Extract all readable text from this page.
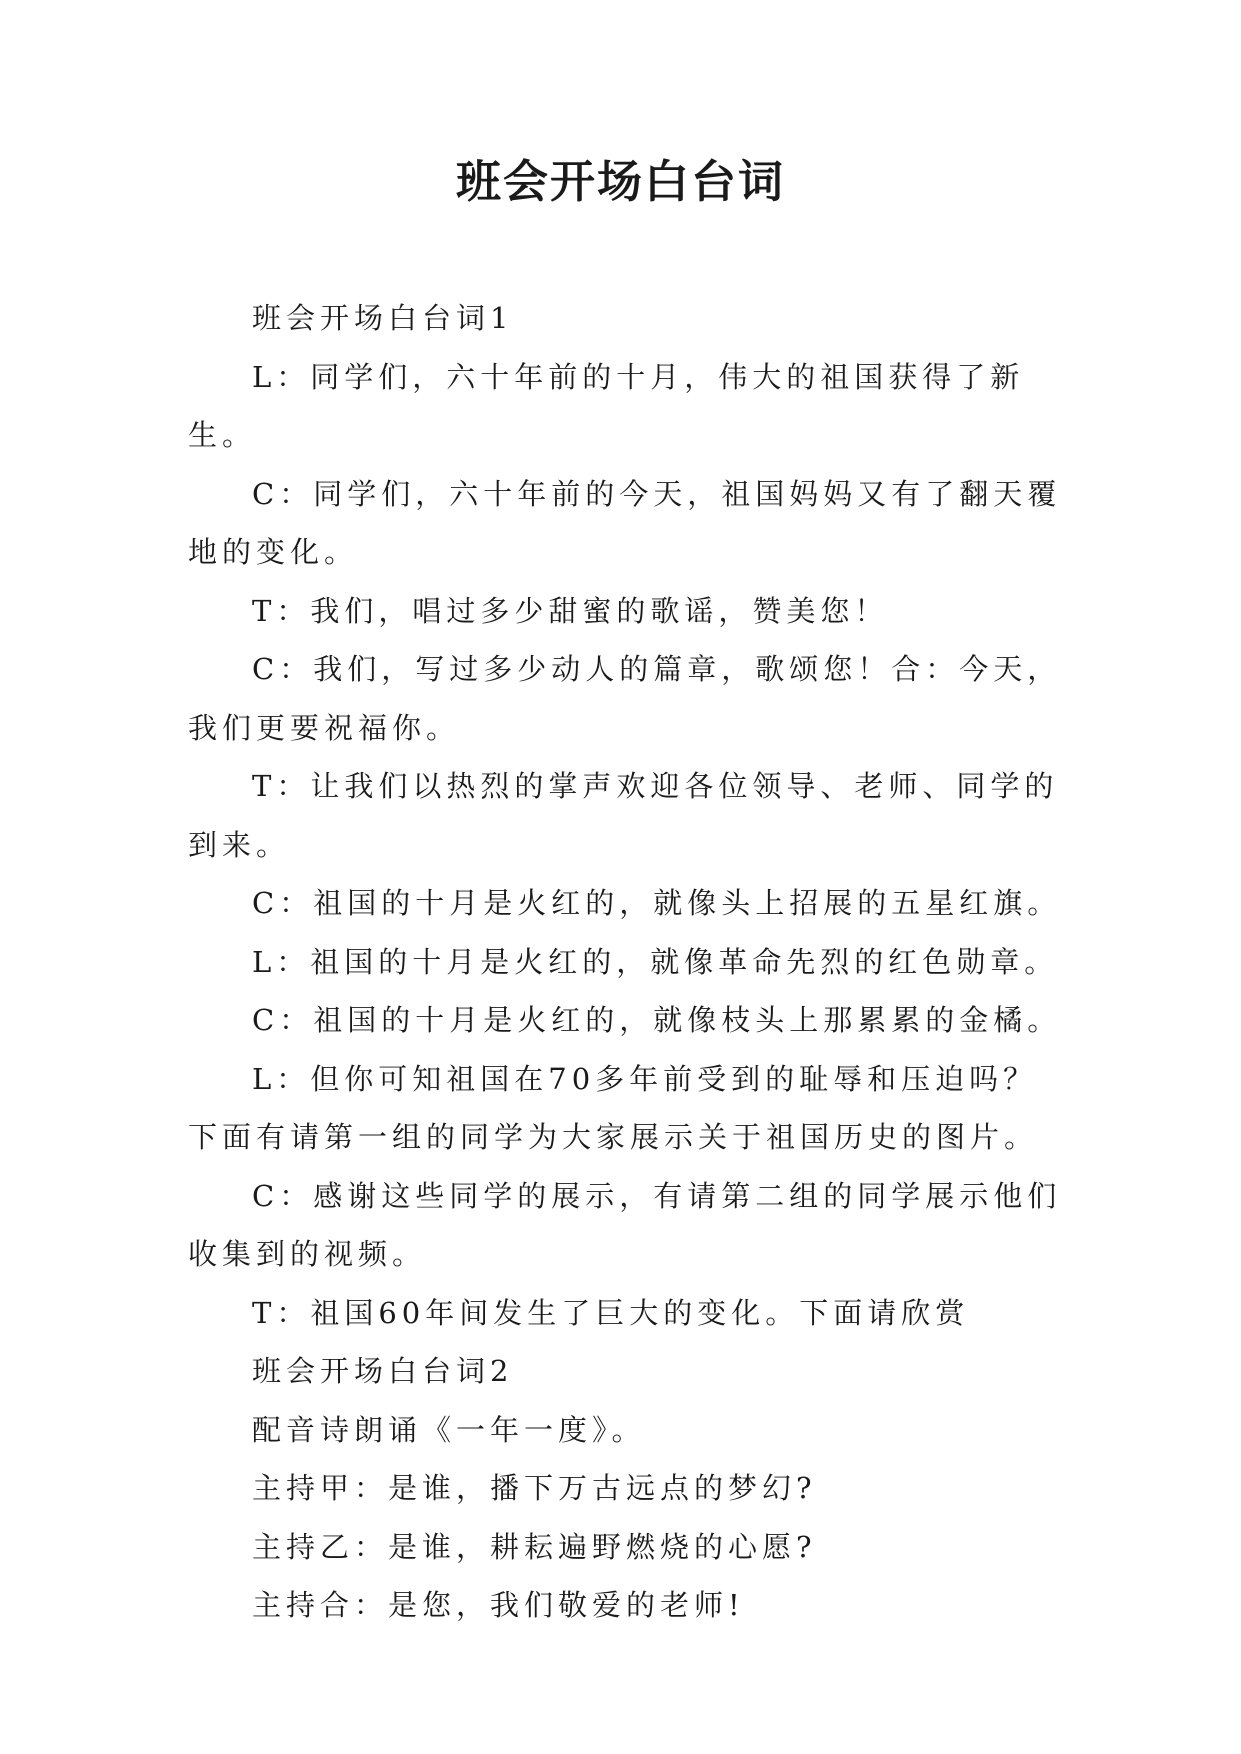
班会开场白台词

班会开场白台词1

L：同学们，六十年前的十月，伟大的祖国获得了新生。

C：同学们，六十年前的今天，祖国妈妈又有了翻天覆地的变化。

T：我们，唱过多少甜蜜的歌谣，赞美您！

C：我们，写过多少动人的篇章，歌颂您！合：今天，我们更要祝福你。

T：让我们以热烈的掌声欢迎各位领导、老师、同学的到来。

C：祖国的十月是火红的，就像头上招展的五星红旗。

L：祖国的十月是火红的，就像革命先烈的红色勋章。

C：祖国的十月是火红的，就像枝头上那累累的金橘。

L：但你可知祖国在70多年前受到的耻辱和压迫吗？下面有请第一组的同学为大家展示关于祖国历史的图片。

C：感谢这些同学的展示，有请第二组的同学展示他们收集到的视频。

T：祖国60年间发生了巨大的变化。下面请欣赏

班会开场白台词2

配音诗朗诵《一年一度》。

主持甲：是谁，播下万古远点的梦幻?

主持乙：是谁，耕耘遍野燃烧的心愿?

主持合：是您，我们敬爱的老师!
